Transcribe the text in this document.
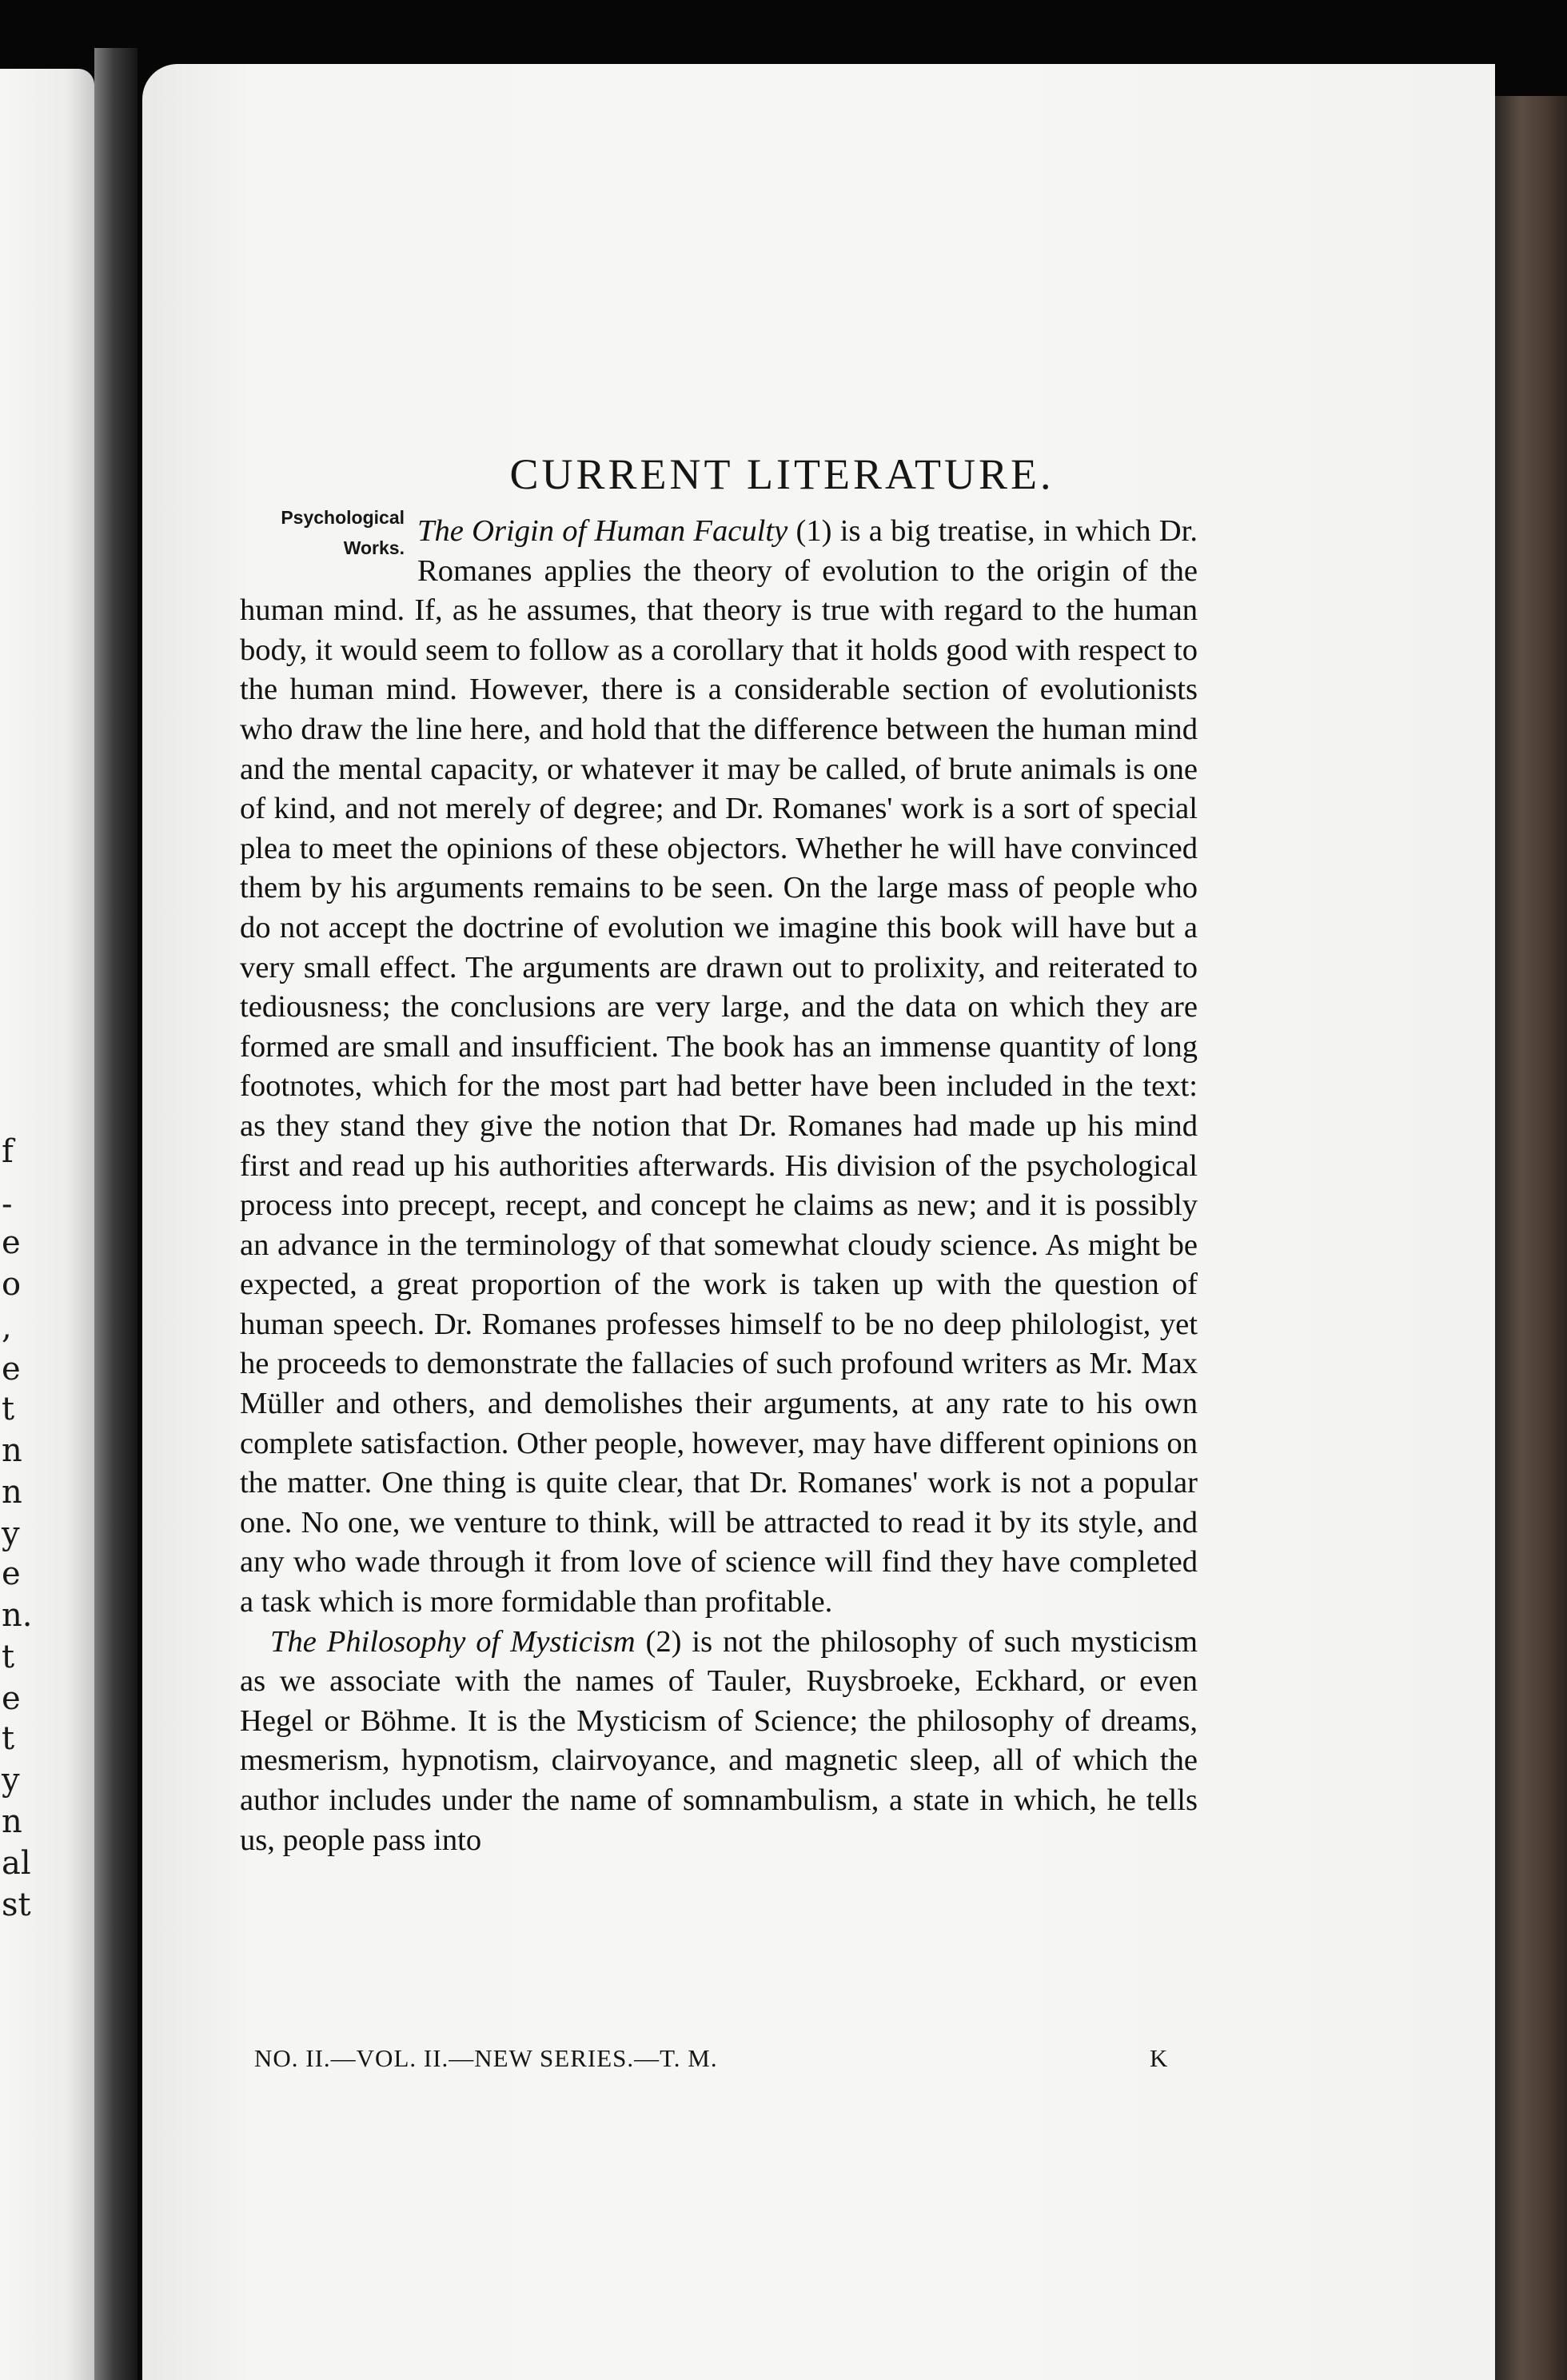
f
-
e
o
,
e
t
n
n
y
e
n.
t
e
t
y
n
al
st
CURRENT LITERATURE.
Psychological
Works. The Origin of Human Faculty (1) is a big treatise, in which Dr. Romanes applies the theory of evolution to the origin of the human mind. If, as he assumes, that theory is true with regard to the human body, it would seem to follow as a corollary that it holds good with respect to the human mind. However, there is a considerable section of evolutionists who draw the line here, and hold that the difference between the human mind and the mental capacity, or whatever it may be called, of brute animals is one of kind, and not merely of degree; and Dr. Romanes' work is a sort of special plea to meet the opinions of these objectors. Whether he will have convinced them by his arguments remains to be seen. On the large mass of people who do not accept the doctrine of evolution we imagine this book will have but a very small effect. The arguments are drawn out to prolixity, and reiterated to tediousness; the conclusions are very large, and the data on which they are formed are small and insufficient. The book has an immense quantity of long footnotes, which for the most part had better have been included in the text: as they stand they give the notion that Dr. Romanes had made up his mind first and read up his authorities afterwards. His division of the psychological process into precept, recept, and concept he claims as new; and it is possibly an advance in the terminology of that somewhat cloudy science. As might be expected, a great proportion of the work is taken up with the question of human speech. Dr. Romanes professes himself to be no deep philologist, yet he proceeds to demonstrate the fallacies of such profound writers as Mr. Max Müller and others, and demolishes their arguments, at any rate to his own complete satisfaction. Other people, however, may have different opinions on the matter. One thing is quite clear, that Dr. Romanes' work is not a popular one. No one, we venture to think, will be attracted to read it by its style, and any who wade through it from love of science will find they have completed a task which is more formidable than profitable.

The Philosophy of Mysticism (2) is not the philosophy of such mysticism as we associate with the names of Tauler, Ruysbroeke, Eckhard, or even Hegel or Böhme. It is the Mysticism of Science; the philosophy of dreams, mesmerism, hypnotism, clairvoyance, and magnetic sleep, all of which the author includes under the name of somnambulism, a state in which, he tells us, people pass into

NO. II.—VOL. II.—NEW SERIES.—T. M.	K
